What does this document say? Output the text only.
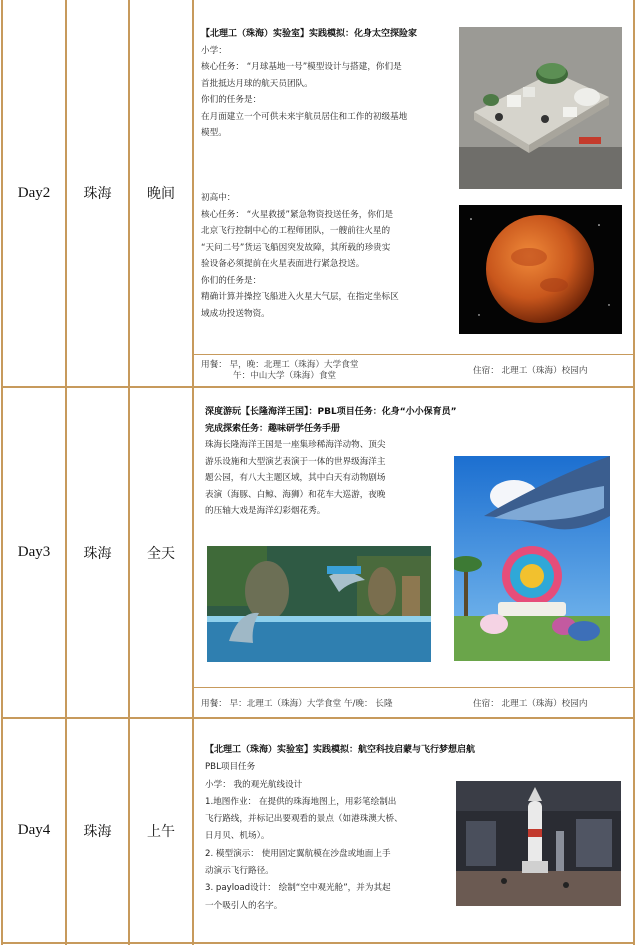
Day2	珠海	晚间
【北理工（珠海）实验室】实践模拟：化身太空探险家
小学：
核心任务： “月球基地一号”模型设计与搭建，你们是
首批抵达月球的航天员团队。
你们的任务是：
在月面建立一个可供未来宇航员居住和工作的初级基地
模型。
初高中：
核心任务： “火星救援”紧急物资投送任务，你们是
北京飞行控制中心的工程师团队，一艘前往火星的
“天问二号”货运飞船因突发故障，其所载的珍贵实
验设备必须提前在火星表面进行紧急投送。
你们的任务是：
精确计算并操控飞船进入火星大气层，在指定坐标区
域成功投送物资。
用餐： 早，晚：北理工（珠海）大学食堂
午：中山大学（珠海）食堂	住宿： 北理工（珠海）校园内
Day3	珠海	全天
深度游玩【长隆海洋王国】：PBL项目任务：化身“小小保育员”
完成探索任务：趣味研学任务手册
珠海长隆海洋王国是一座集珍稀海洋动物、顶尖
游乐设施和大型演艺表演于一体的世界级海洋主
题公园，有八大主题区域，其中白天有动物剧场
表演（海豚、白鲸、海狮）和花车大巡游，夜晚
的压轴大戏是海洋幻彩烟花秀。
用餐： 早：北理工（珠海）大学食堂 午/晚： 长隆	住宿： 北理工（珠海）校园内
Day4	珠海	上午
【北理工（珠海）实验室】实践模拟：航空科技启蒙与飞行梦想启航
PBL项目任务
小学： 我的观光航线设计
1.地图作业： 在提供的珠海地图上，用彩笔绘制出
飞行路线，并标记出要观看的景点（如港珠澳大桥、
日月贝、机场）。
2. 模型演示： 使用固定翼航模在沙盘或地面上手
动演示飞行路径。
3. payload设计： 绘制“空中观光舱”，并为其起
一个吸引人的名字。
